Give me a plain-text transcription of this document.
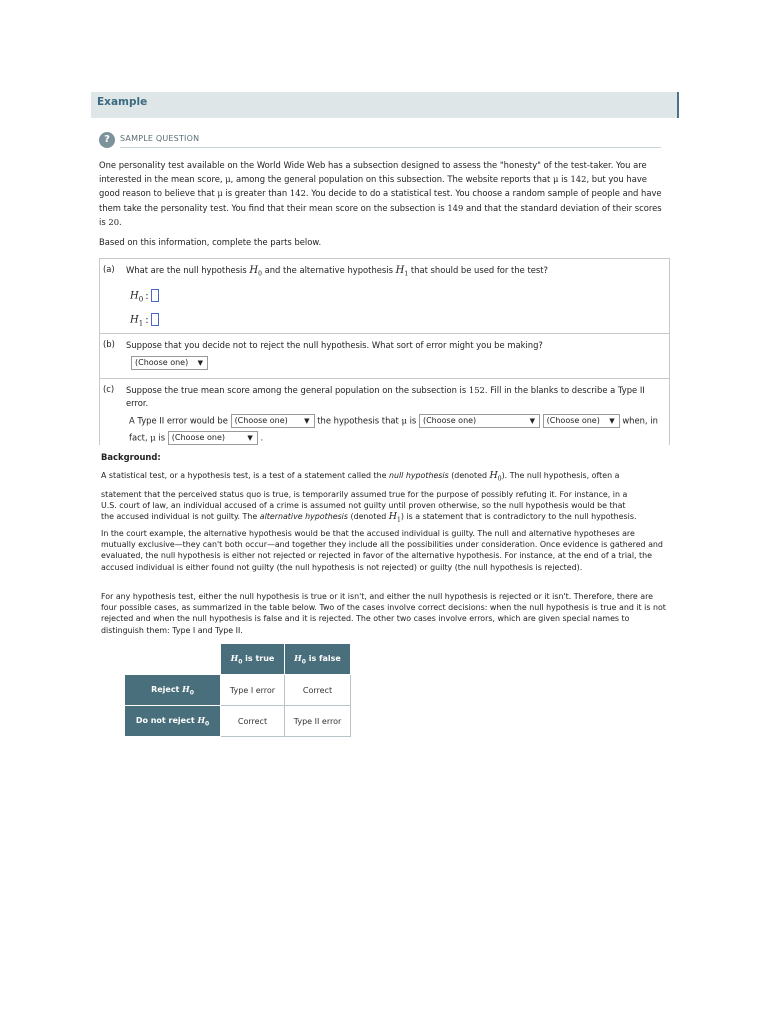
Example
?	SAMPLE QUESTION
One personality test available on the World Wide Web has a subsection designed to assess the "honesty" of the test-taker. You are
interested in the mean score, μ, among the general population on this subsection. The website reports that μ is 142, but you have
good reason to believe that μ is greater than 142. You decide to do a statistical test. You choose a random sample of people and have
them take the personality test. You find that their mean score on the subsection is 149 and that the standard deviation of their scores
is 20.
Based on this information, complete the parts below.
(a) What are the null hypothesis $H_0$ and the alternative hypothesis $H_1$ that should be used for the test?
$H_0$ :
$H_1$ :
(b) Suppose that you decide not to reject the null hypothesis. What sort of error might you be making?
(Choose one) ▼
(c) Suppose the true mean score among the general population on the subsection is 152. Fill in the blanks to describe a Type II
error.
A Type II error would be (Choose one) ▼ the hypothesis that μ is (Choose one)	▼ (Choose one) ▼ when, in
fact, μ is (Choose one)	▼ .
Background:
A statistical test, or a hypothesis test, is a test of a statement called the null hypothesis (denoted $H_0$). The null hypothesis, often a
statement that the perceived status quo is true, is temporarily assumed true for the purpose of possibly refuting it. For instance, in a
U.S. court of law, an individual accused of a crime is assumed not guilty until proven otherwise, so the null hypothesis would be that
the accused individual is not guilty. The alternative hypothesis (denoted $H_1$) is a statement that is contradictory to the null hypothesis.
In the court example, the alternative hypothesis would be that the accused individual is guilty. The null and alternative hypotheses are mutually exclusive—they can't both occur—and together they include all the possibilities under consideration. Once evidence is gathered and evaluated, the null hypothesis is either not rejected or rejected in favor of the alternative hypothesis. For instance, at the end of a trial, the accused individual is either found not guilty (the null hypothesis is not rejected) or guilty (the null hypothesis is rejected).
For any hypothesis test, either the null hypothesis is true or it isn't, and either the null hypothesis is rejected or it isn't. Therefore, there are four possible cases, as summarized in the table below. Two of the cases involve correct decisions: when the null hypothesis is true and it is not rejected and when the null hypothesis is false and it is rejected. The other two cases involve errors, which are given special names to distinguish them: Type I and Type II.
	$H_0$ is true	$H_0$ is false
Reject $H_0$	Type I error	Correct
Do not reject $H_0$	Correct	Type II error
